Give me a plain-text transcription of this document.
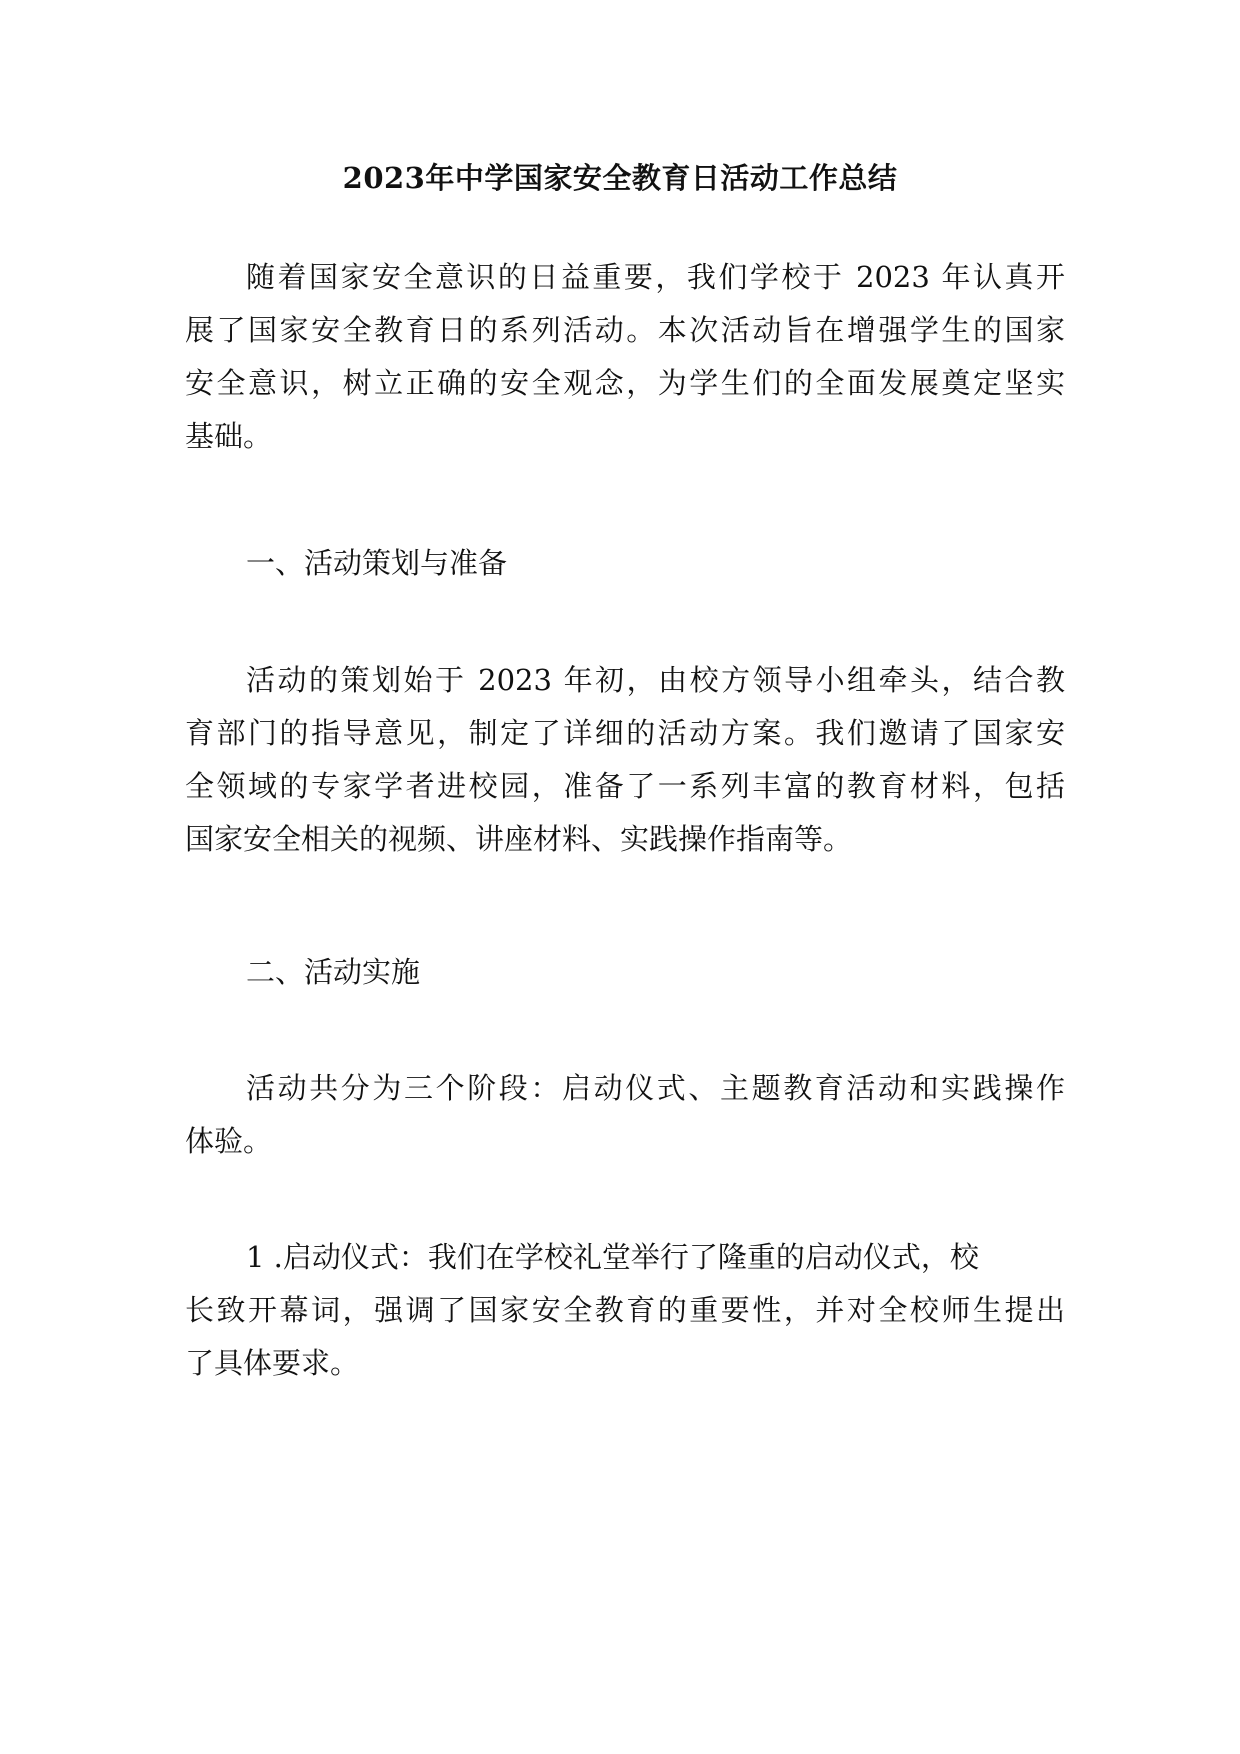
2023年中学国家安全教育日活动工作总结
随着国家安全意识的日益重要，我们学校于 2023 年认真开
展了国家安全教育日的系列活动。本次活动旨在增强学生的国家
安全意识，树立正确的安全观念，为学生们的全面发展奠定坚实
基础。
一、活动策划与准备
活动的策划始于 2023 年初，由校方领导小组牵头，结合教
育部门的指导意见，制定了详细的活动方案。我们邀请了国家安
全领域的专家学者进校园，准备了一系列丰富的教育材料，包括
国家安全相关的视频、讲座材料、实践操作指南等。
二、活动实施
活动共分为三个阶段：启动仪式、主题教育活动和实践操作
体验。
1 .启动仪式：我们在学校礼堂举行了隆重的启动仪式，校
长致开幕词，强调了国家安全教育的重要性，并对全校师生提出
了具体要求。
